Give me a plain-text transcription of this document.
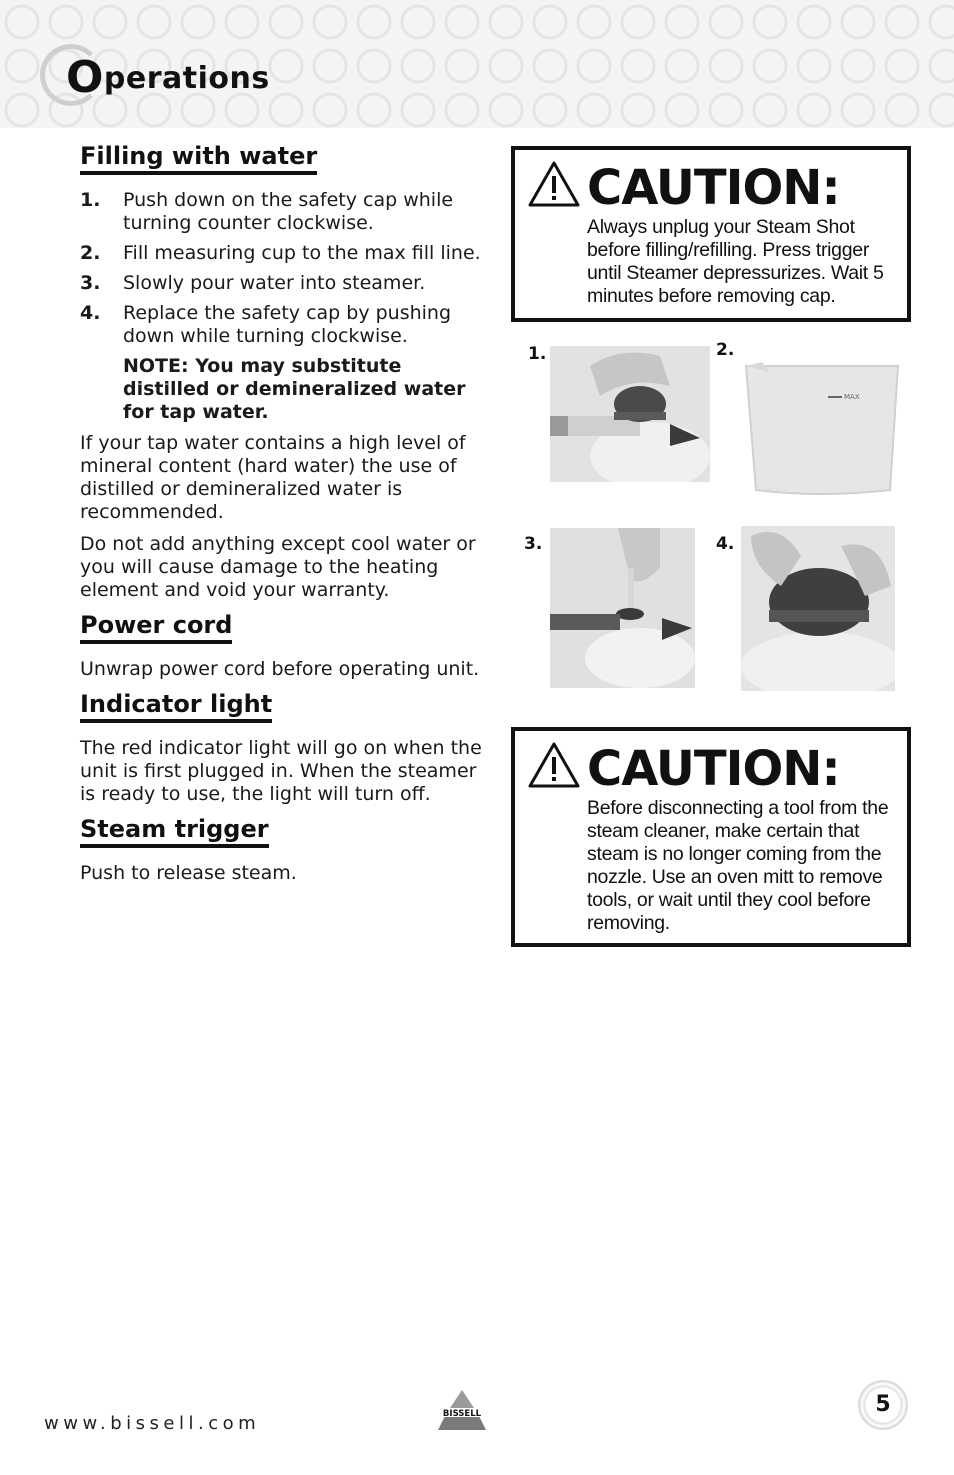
Operations
Filling with water
1.	Push down on the safety cap while turning counter clockwise.
2.	Fill measuring cup to the max fill line.
3.	Slowly pour water into steamer.
4.	Replace the safety cap by pushing down while turning clockwise.

NOTE: You may substitute distilled or demineralized water for tap water.

If your tap water contains a high level of mineral content (hard water) the use of distilled or demineralized water is recommended.

Do not add anything except cool water or you will cause damage to the heating element and void your warranty.

Power cord

Unwrap power cord before operating unit.

Indicator light

The red indicator light will go on when the unit is first plugged in. When the steamer is ready to use, the light will turn off.

Steam trigger

Push to release steam.

CAUTION:

Always unplug your Steam Shot before filling/refilling. Press trigger until Steamer depressurizes. Wait 5 minutes before removing cap.

1.	2.
MAX
3.	4.
CAUTION:

Before disconnecting a tool from the steam cleaner, make certain that steam is no longer coming from the nozzle. Use an oven mitt to remove tools, or wait until they cool before removing.

www.bissell.com	BISSELL	5
